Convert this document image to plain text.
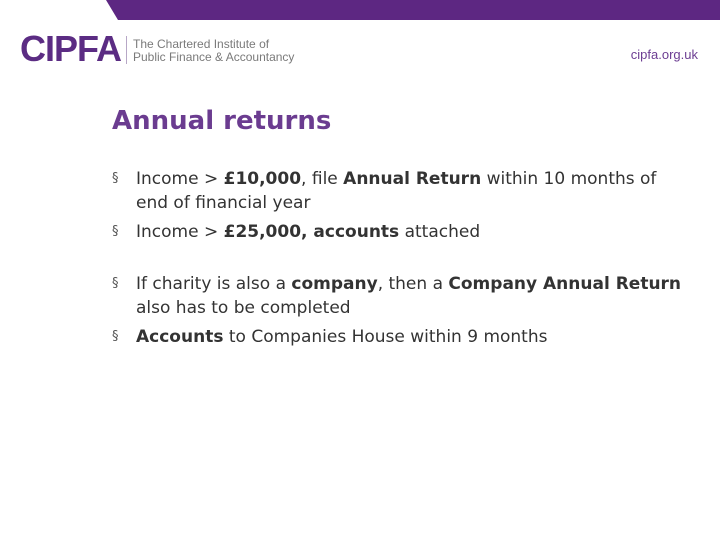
CIPFA The Chartered Institute of
Public Finance & Accountancy	cipfa.org.uk
Annual returns
§ Income > £10,000, file Annual Return within 10 months of end of financial year
§ Income > £25,000, accounts attached
§ If charity is also a company, then a Company Annual Return also has to be completed
§ Accounts to Companies House within 9 months
